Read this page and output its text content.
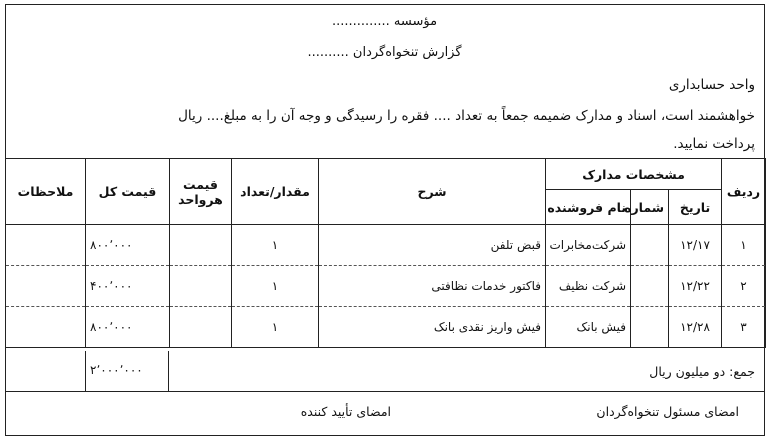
مؤسسه ..............
گزارش تنخواه‌گردان ..........
واحد حسابداری
خواهشمند است، اسناد و مدارک ضمیمه جمعاً به تعداد .... فقره را رسیدگی و وجه آن را به مبلغ.... ریال
پرداخت نمایید.
ردیف	مشخصات مدارک			شرح	مقدار/تعداد	قیمت هرواحد	قیمت کل	ملاحظات
	تاریخ	شماره	نام فروشنده					
۱	۱۲/۱۷		شرکت‌مخابرات	قبض تلفن	۱		۸۰۰٬۰۰۰	
۲	۱۲/۲۲		شرکت نظیف	فاکتور خدمات نظافتی	۱		۴۰۰٬۰۰۰	
۳	۱۲/۲۸		فیش بانک	فیش واریز نقدی بانک	۱		۸۰۰٬۰۰۰	
۲٬۰۰۰٬۰۰۰	جمع: دو میلیون ریال
امضای مسئول تنخواه‌گردان
امضای تأیید کننده
